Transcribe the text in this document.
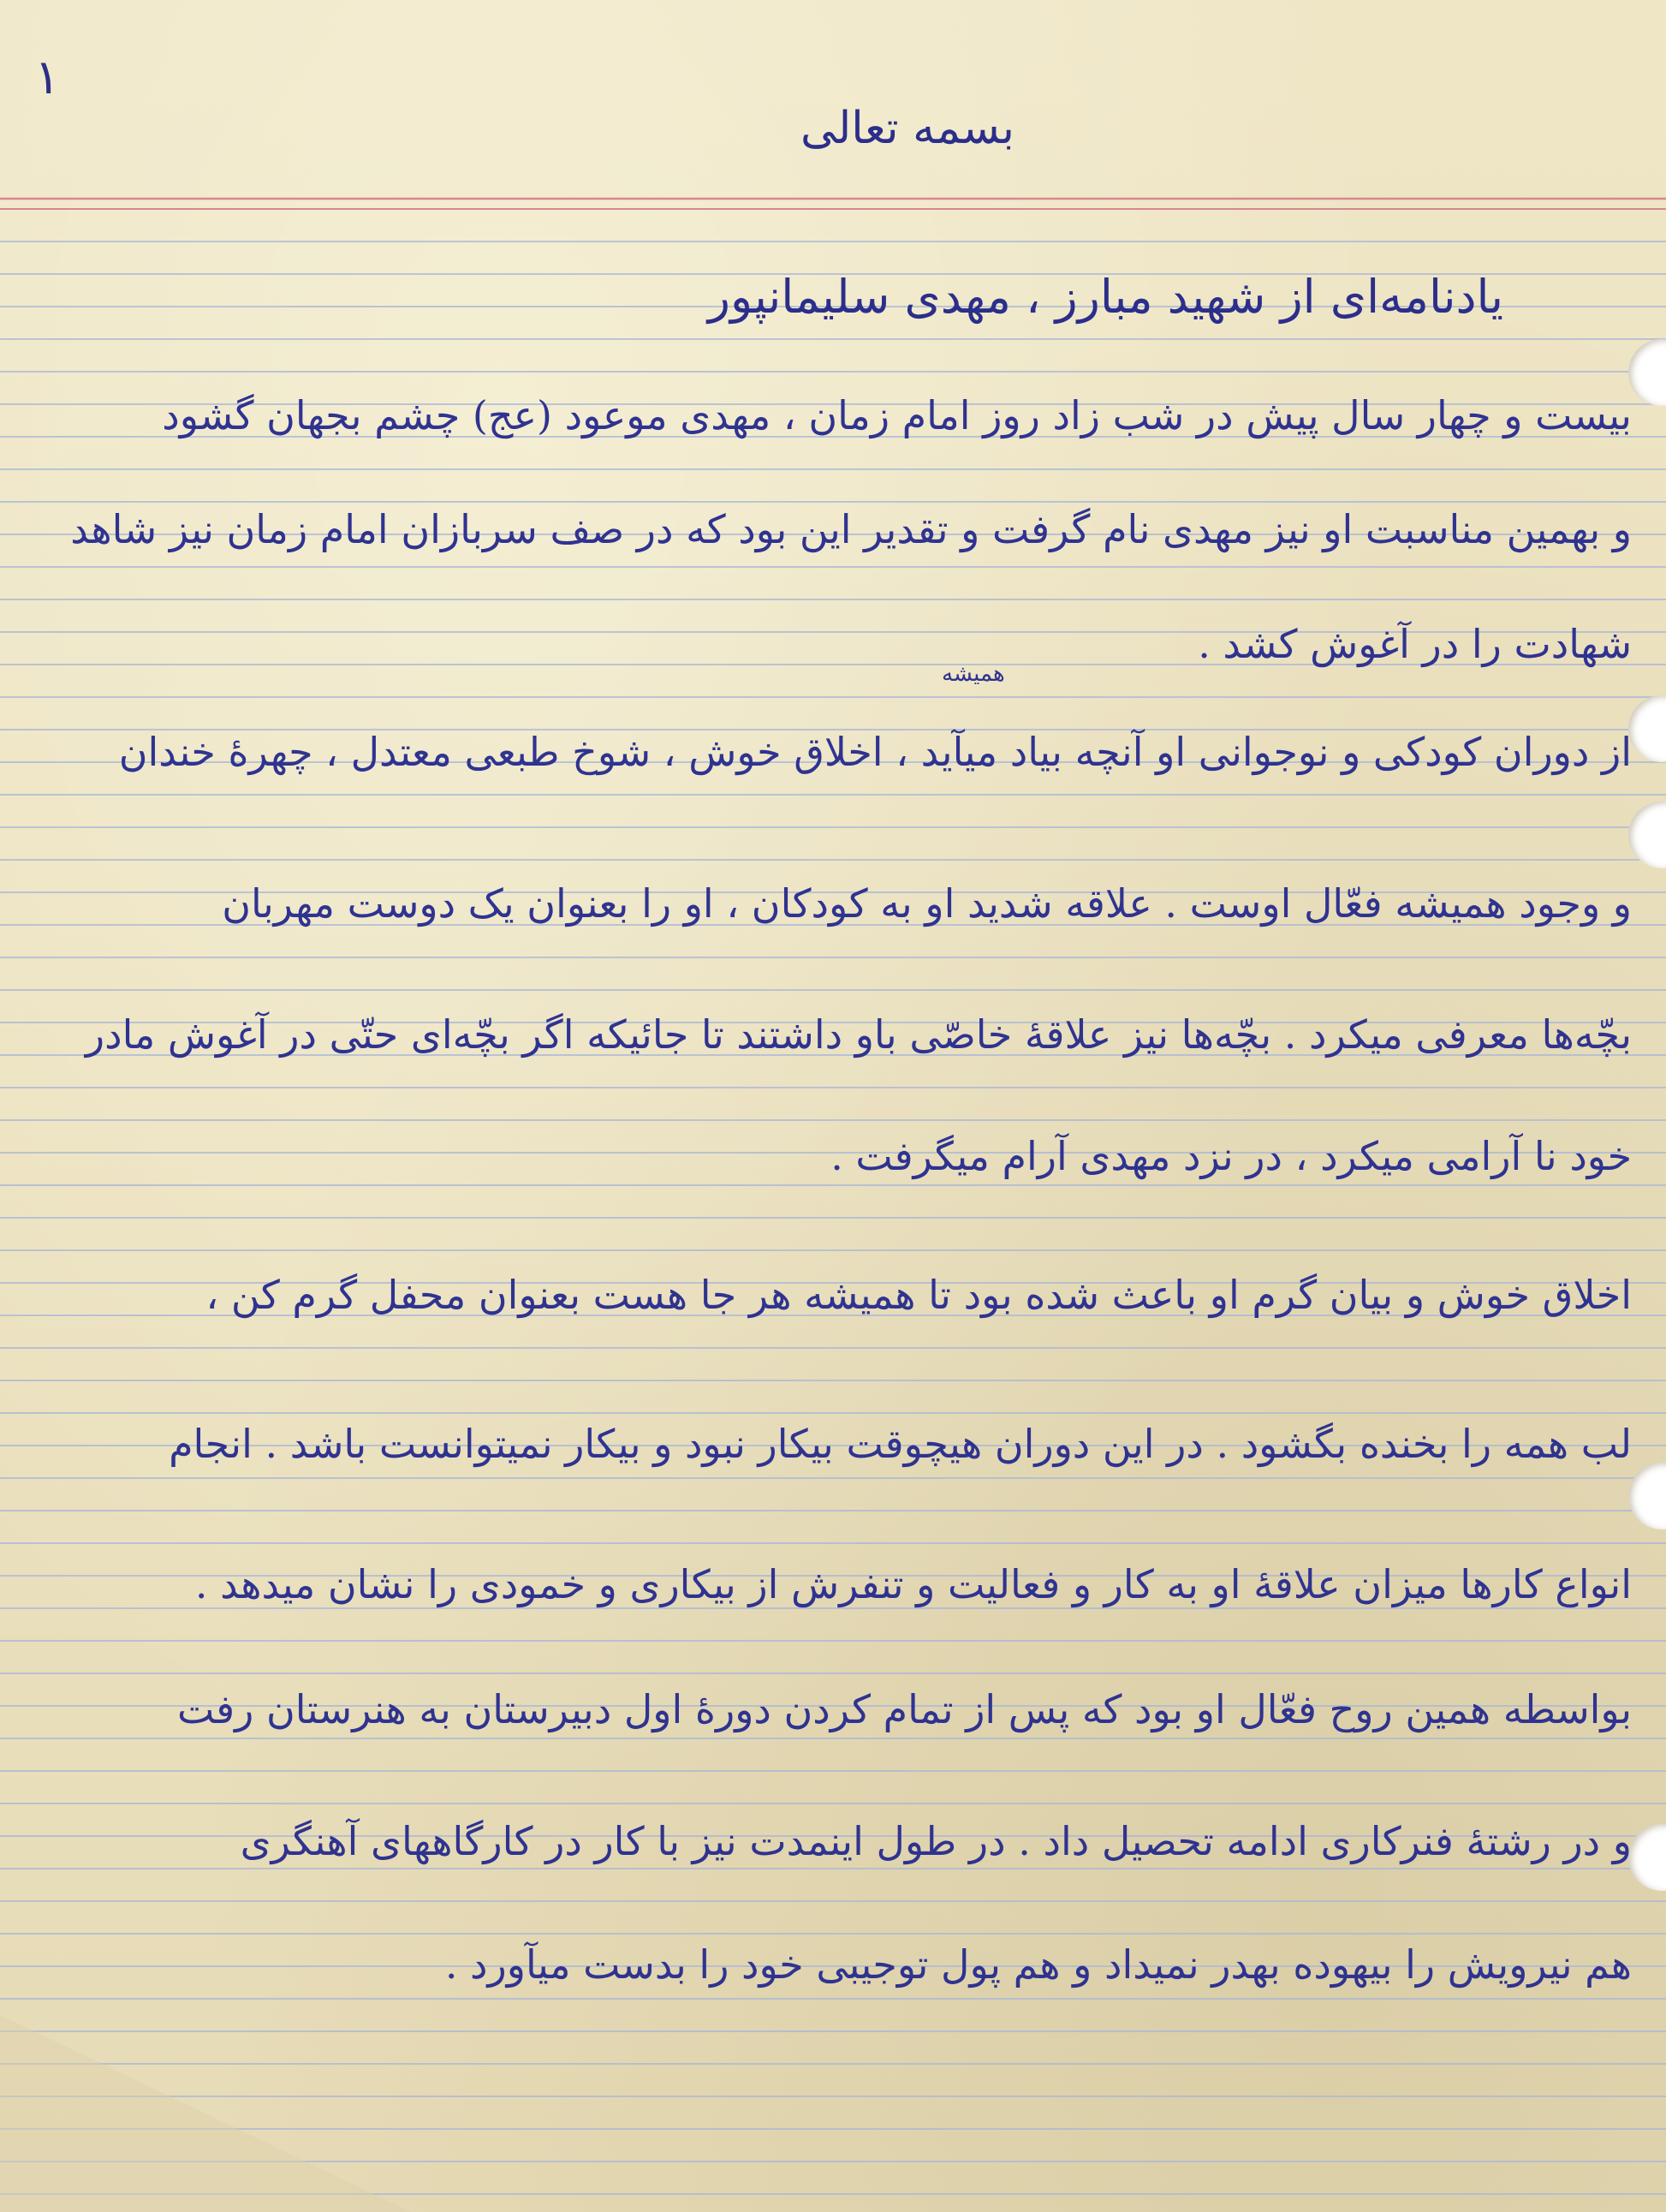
۱
بسمه تعالی
یادنامه‌ای از شهید مبارز ، مهدی سلیمانپور
همیشه
بیست و چهار سال پیش در شب زاد روز امام زمان ، مهدی موعود (عج) چشم بجهان گشود
و بهمین مناسبت او نیز مهدی نام گرفت و تقدیر این بود که در صف سربازان امام زمان نیز شاهد
شهادت را در آغوش کشد .
از دوران کودکی و نوجوانی او آنچه بیاد میآید ، اخلاق خوش ، شوخ طبعی معتدل ، چهرهٔ خندان
و وجود همیشه فعّال اوست . علاقه شدید او به کودکان ، او را بعنوان یک دوست مهربان
بچّه‌ها معرفی میکرد . بچّه‌ها نیز علاقهٔ خاصّی باو داشتند تا جائیکه اگر بچّه‌ای حتّی در آغوش مادر
خود نا آرامی میکرد ، در نزد مهدی آرام میگرفت .
اخلاق خوش و بیان گرم او باعث شده بود تا همیشه هر جا هست بعنوان محفل گرم کن ،
لب همه را بخنده بگشود . در این دوران هیچوقت بیکار نبود و بیکار نمیتوانست باشد . انجام
انواع کارها میزان علاقهٔ او به کار و فعالیت و تنفرش از بیکاری و خمودی را نشان میدهد .
بواسطه همین روح فعّال او بود که پس از تمام کردن دورهٔ اول دبیرستان به هنرستان رفت
و در رشتهٔ فنرکاری ادامه تحصیل داد . در طول اینمدت نیز با کار در کارگاههای آهنگری
هم نیرویش را بیهوده بهدر نمیداد و هم پول توجیبی خود را بدست میآورد .
